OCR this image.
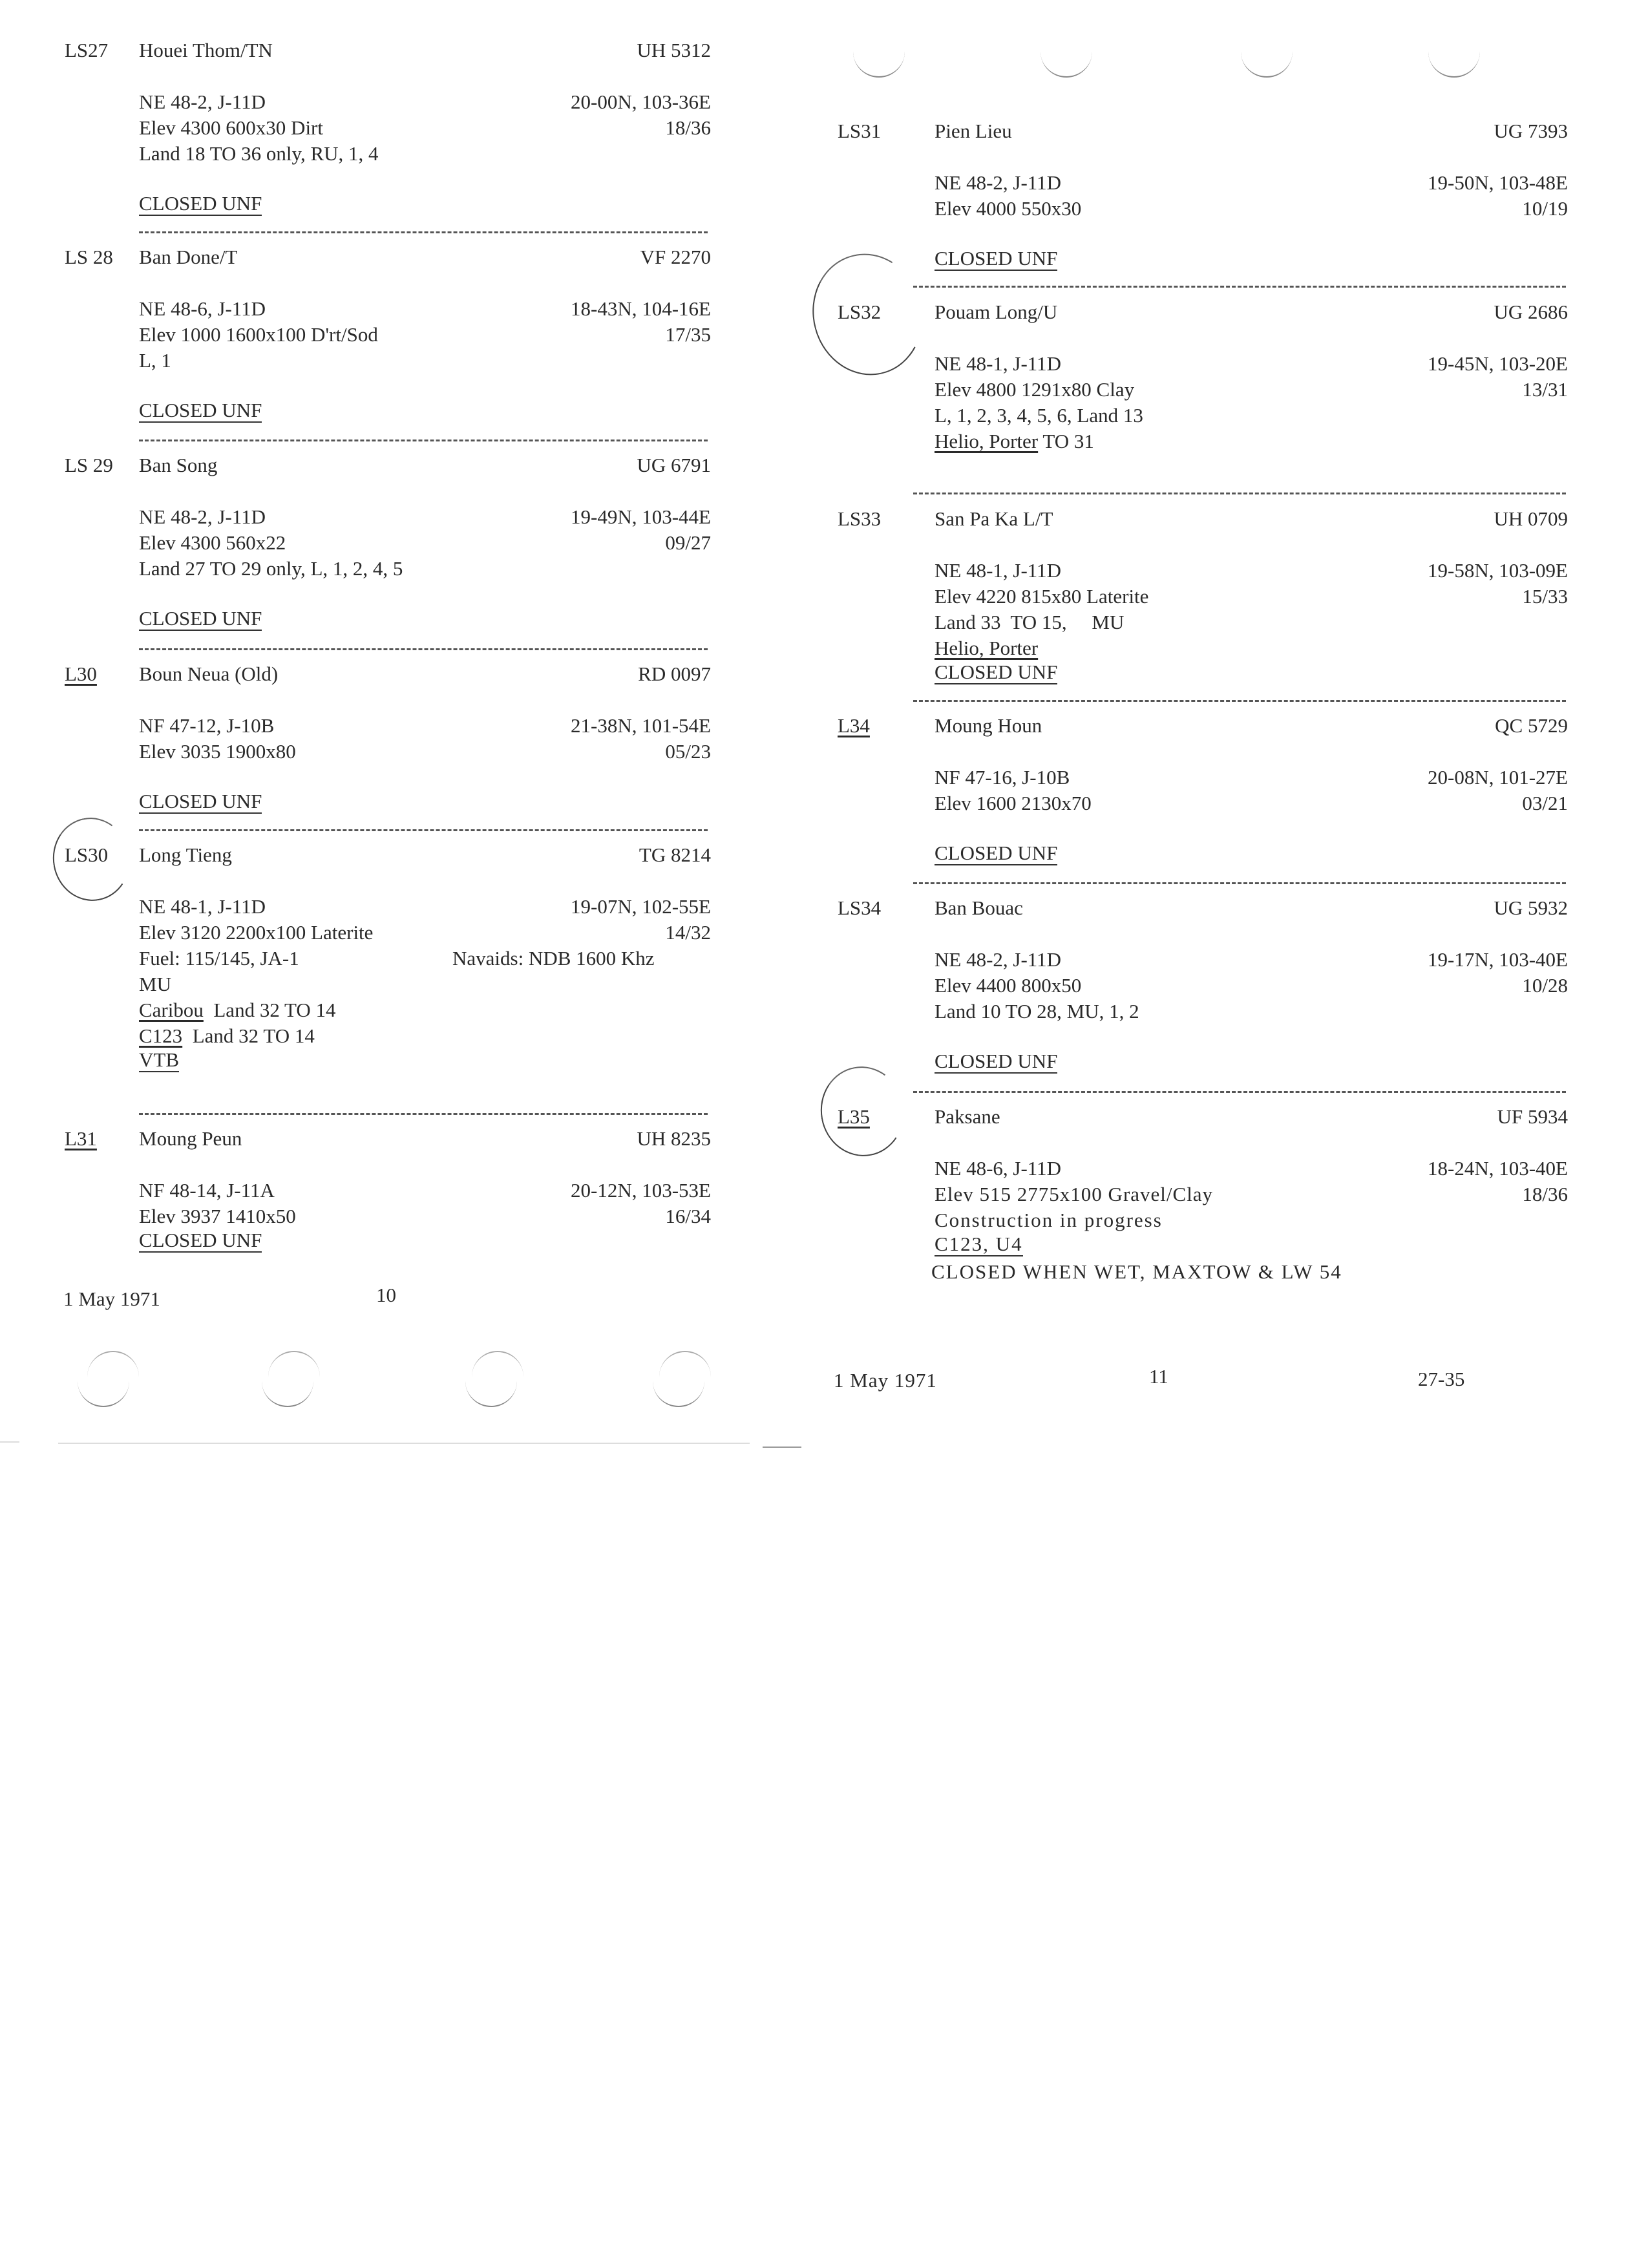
LS27 Houei Thom/TN	UH 5312
NE 48-2, J-11D	20-00N, 103-36E
Elev 4300 600x30 Dirt	18/36
Land 18 TO 36 only, RU, 1, 4
CLOSED UNF
LS 28 Ban Done/T	VF 2270
NE 48-6, J-11D	18-43N, 104-16E
Elev 1000 1600x100 D'rt/Sod	17/35
L, 1
CLOSED UNF
LS 29 Ban Song	UG 6791
NE 48-2, J-11D	19-49N, 103-44E
Elev 4300 560x22	09/27
Land 27 TO 29 only, L, 1, 2, 4, 5
CLOSED UNF
L30 Boun Neua (Old)	RD 0097
NF 47-12, J-10B	21-38N, 101-54E
Elev 3035 1900x80	05/23
CLOSED UNF
LS30 Long Tieng	TG 8214
NE 48-1, J-11D	19-07N, 102-55E
Elev 3120 2200x100 Laterite	14/32
Fuel: 115/145, JA-1	Navaids: NDB 1600 Khz
MU
Caribou  Land 32 TO 14
C123  Land 32 TO 14
VTB
L31 Moung Peun	UH 8235
NF 48-14, J-11A	20-12N, 103-53E
Elev 3937 1410x50	16/34
CLOSED UNF
1 May 1971	10
LS31	Pien Lieu	UG 7393
NE 48-2, J-11D	19-50N, 103-48E
Elev 4000 550x30	10/19
CLOSED UNF
LS32	Pouam Long/U	UG 2686
NE 48-1, J-11D	19-45N, 103-20E
Elev 4800 1291x80 Clay	13/31
L, 1, 2, 3, 4, 5, 6, Land 13
Helio, Porter TO 31
LS33	San Pa Ka L/T	UH 0709
NE 48-1, J-11D	19-58N, 103-09E
Elev 4220 815x80 Laterite	15/33
Land 33  TO 15,     MU
Helio, Porter
CLOSED UNF
L34	Moung Houn	QC 5729
NF 47-16, J-10B	20-08N, 101-27E
Elev 1600 2130x70	03/21
CLOSED UNF
LS34	Ban Bouac	UG 5932
NE 48-2, J-11D	19-17N, 103-40E
Elev 4400 800x50	10/28
Land 10 TO 28, MU, 1, 2
CLOSED UNF
L35	Paksane	UF 5934
NE 48-6, J-11D	18-24N, 103-40E
Elev 515 2775x100 Gravel/Clay	18/36
Construction in progress
C123, U4
CLOSED WHEN WET, MAXTOW & LW 54
1 May 1971	11	27-35
